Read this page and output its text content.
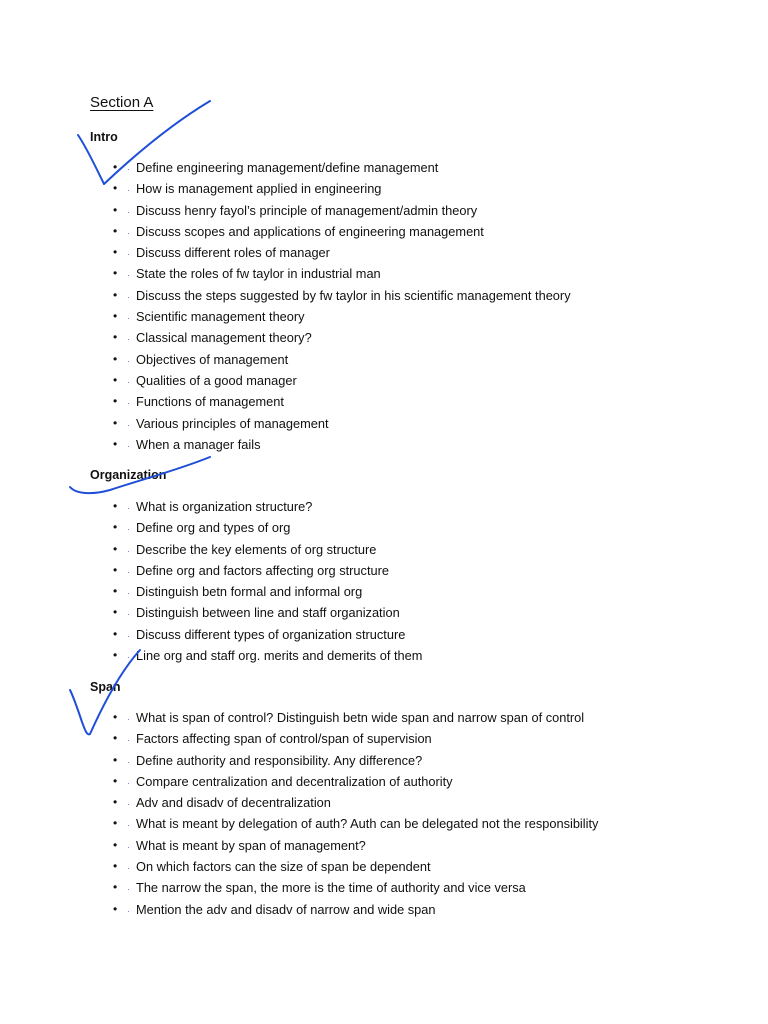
Section A
Intro
• · Define engineering management/define management
• · How is management applied in engineering
• · Discuss henry fayol’s principle of management/admin theory
• · Discuss scopes and applications of engineering management
• · Discuss different roles of manager
• · State the roles of fw taylor in industrial man
• · Discuss the steps suggested by fw taylor in his scientific management theory
• · Scientific management theory
• · Classical management theory?
• · Objectives of management
• · Qualities of a good manager
• · Functions of management
• · Various principles of management
• · When a manager fails
Organization
• · What is organization structure?
• · Define org and types of org
• · Describe the key elements of org structure
• · Define org and factors affecting org structure
• · Distinguish betn formal and informal org
• · Distinguish between line and staff organization
• · Discuss different types of organization structure
• · Line org and staff org. merits and demerits of them
Span
• · What is span of control? Distinguish betn wide span and narrow span of control
• · Factors affecting span of control/span of supervision
• · Define authority and responsibility. Any difference?
• · Compare centralization and decentralization of authority
• · Adv and disadv of decentralization
• · What is meant by delegation of auth? Auth can be delegated not the responsibility
• · What is meant by span of management?
• · On which factors can the size of span be dependent
• · The narrow the span, the more is the time of authority and vice versa
• · Mention the adv and disadv of narrow and wide span
